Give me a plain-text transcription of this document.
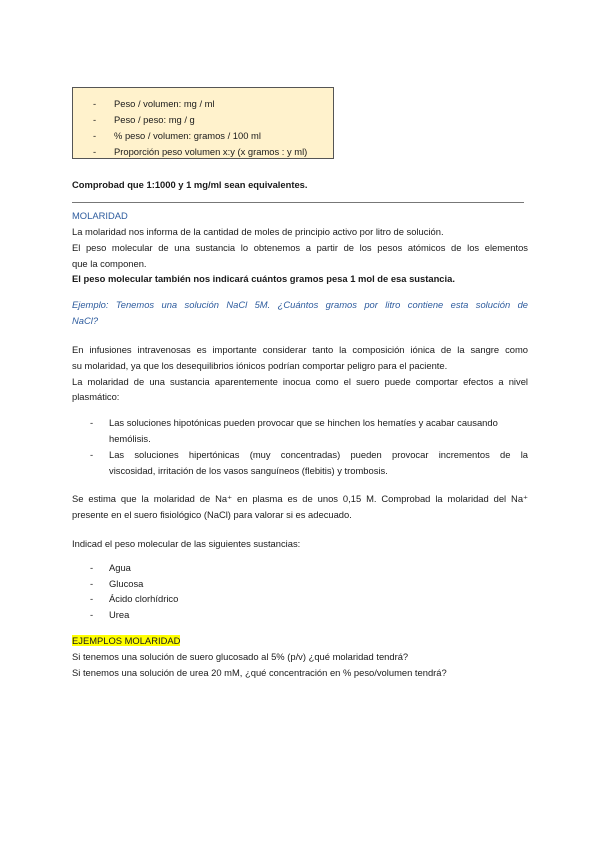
- Peso / volumen: mg / ml
- Peso / peso: mg / g
- % peso / volumen: gramos / 100 ml
- Proporción peso volumen x:y (x gramos : y ml)
Comprobad que 1:1000 y 1 mg/ml sean equivalentes.
MOLARIDAD
La molaridad nos informa de la cantidad de moles de principio activo por litro de solución.
El peso molecular de una sustancia lo obtenemos a partir de los pesos atómicos de los elementos
que la componen.
El peso molecular también nos indicará cuántos gramos pesa 1 mol de esa sustancia.
Ejemplo: Tenemos una solución NaCl 5M. ¿Cuántos gramos por litro contiene esta solución de
NaCl?
En infusiones intravenosas es importante considerar tanto la composición iónica de la sangre como
su molaridad, ya que los desequilibrios iónicos podrían comportar peligro para el paciente.
La molaridad de una sustancia aparentemente inocua como el suero puede comportar efectos a nivel
plasmático:
-	Las soluciones hipotónicas pueden provocar que se hinchen los hematíes y acabar causando
hemólisis.
-	Las soluciones hipertónicas (muy concentradas) pueden provocar incrementos de la
viscosidad, irritación de los vasos sanguíneos (flebitis) y trombosis.
Se estima que la molaridad de Na⁺ en plasma es de unos 0,15 M. Comprobad la molaridad del Na⁺
presente en el suero fisiológico (NaCl) para valorar si es adecuado.
Indicad el peso molecular de las siguientes sustancias:
-	Agua
-	Glucosa
-	Ácido clorhídrico
-	Urea
EJEMPLOS MOLARIDAD
Si tenemos una solución de suero glucosado al 5% (p/v) ¿qué molaridad tendrá?
Si tenemos una solución de urea 20 mM, ¿qué concentración en % peso/volumen tendrá?
